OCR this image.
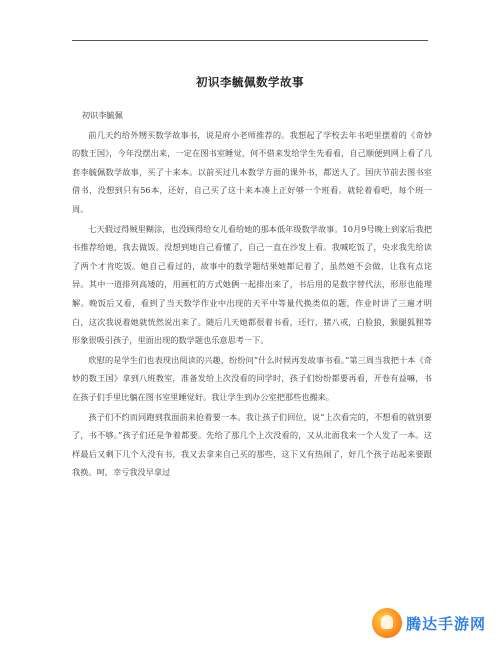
初识李毓佩数学故事

初识李毓佩

前几天约给外甥买数学故事书，说是府小老师推荐的。我想起了学校去年书吧里摆着的《奇妙的数王国》，今年没摆出来，一定在图书室睡觉，何不借来发给学生先看看，自己顺便到网上看了几套李毓佩数学故事，买了十来本。以前买过几本数学方面的课外书，都送人了。国庆节前去图书室借书，没想到只有56本，还好，自己买了这十来本凑上正好够一个班看。就轮着看吧，每个班一周。

七天假过得贼里糊涂，也没顾得给女儿看给她的那本低年级数学故事。10月9号晚上到家后我把书推荐给她，我去做饭。没想到她自己看懂了，自己一直在沙发上看。我喊吃饭了，央求我先给读了两个才肯吃饭。她自己看过的，故事中的数学题结果她都记着了，虽然她不会做，让我有点诧异。其中一道排列高矮的，用画杠的方式她俩一起排出来了，书后用的是数字替代法，形形也能理解。晚饭后又看，看到了当天数学作业中出现的天平中等量代换类似的题，作业时讲了三遍才明白，这次我说着她就恍然说出来了。随后几天她都很着书看，还行，猪八戒，白脸狼，猴腿狐狸等形象很吸引孩子，里面出现的数学题也乐意思考一下。

欣慰的是学生们也表现出阅读的兴趣，纷纷问“什么时候再发故事书看。”第三周当我把十本《奇妙的数王国》拿到八班教室，准备发给上次没看的同学时，孩子们纷纷都要再看，开卷有益嘛，书在孩子们手里比躺在图书室里睡觉好。我让学生到办公室把那些也搬来。

孩子们不约而同跑到我面前来抢着要一本。我让孩子们回位，说“上次看完的，不想看的就别要了，书不够。”孩子们还是争着都要。先给了那几个上次没看的，又从北面我来一个人发了一本。这样最后又剩下几个人没有书，我又去拿来自己买的那些，这下又有热闹了，好几个孩子站起来要跟我换。呵，幸亏我没早拿过

腾达手游网
